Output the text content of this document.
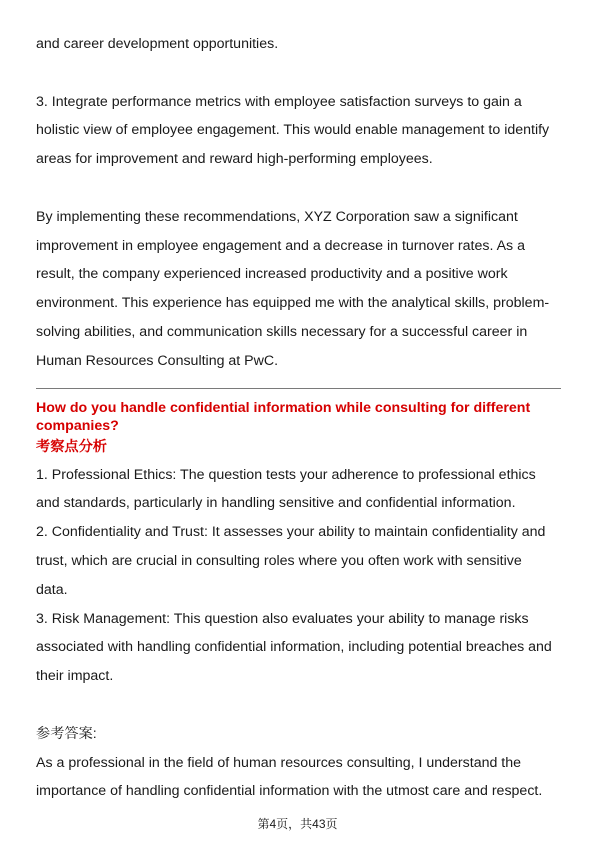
and career development opportunities.

3. Integrate performance metrics with employee satisfaction surveys to gain a

holistic view of employee engagement. This would enable management to identify

areas for improvement and reward high-performing employees.

By implementing these recommendations, XYZ Corporation saw a significant

improvement in employee engagement and a decrease in turnover rates. As a

result, the company experienced increased productivity and a positive work

environment. This experience has equipped me with the analytical skills, problem-

solving abilities, and communication skills necessary for a successful career in

Human Resources Consulting at PwC.

How do you handle confidential information while consulting for different companies?

考察点分析

1. Professional Ethics: The question tests your adherence to professional ethics

and standards, particularly in handling sensitive and confidential information.

2. Confidentiality and Trust: It assesses your ability to maintain confidentiality and

trust, which are crucial in consulting roles where you often work with sensitive

data.

3. Risk Management: This question also evaluates your ability to manage risks

associated with handling confidential information, including potential breaches and

their impact.

参考答案:

As a professional in the field of human resources consulting, I understand the

importance of handling confidential information with the utmost care and respect.

第4页，共43页
